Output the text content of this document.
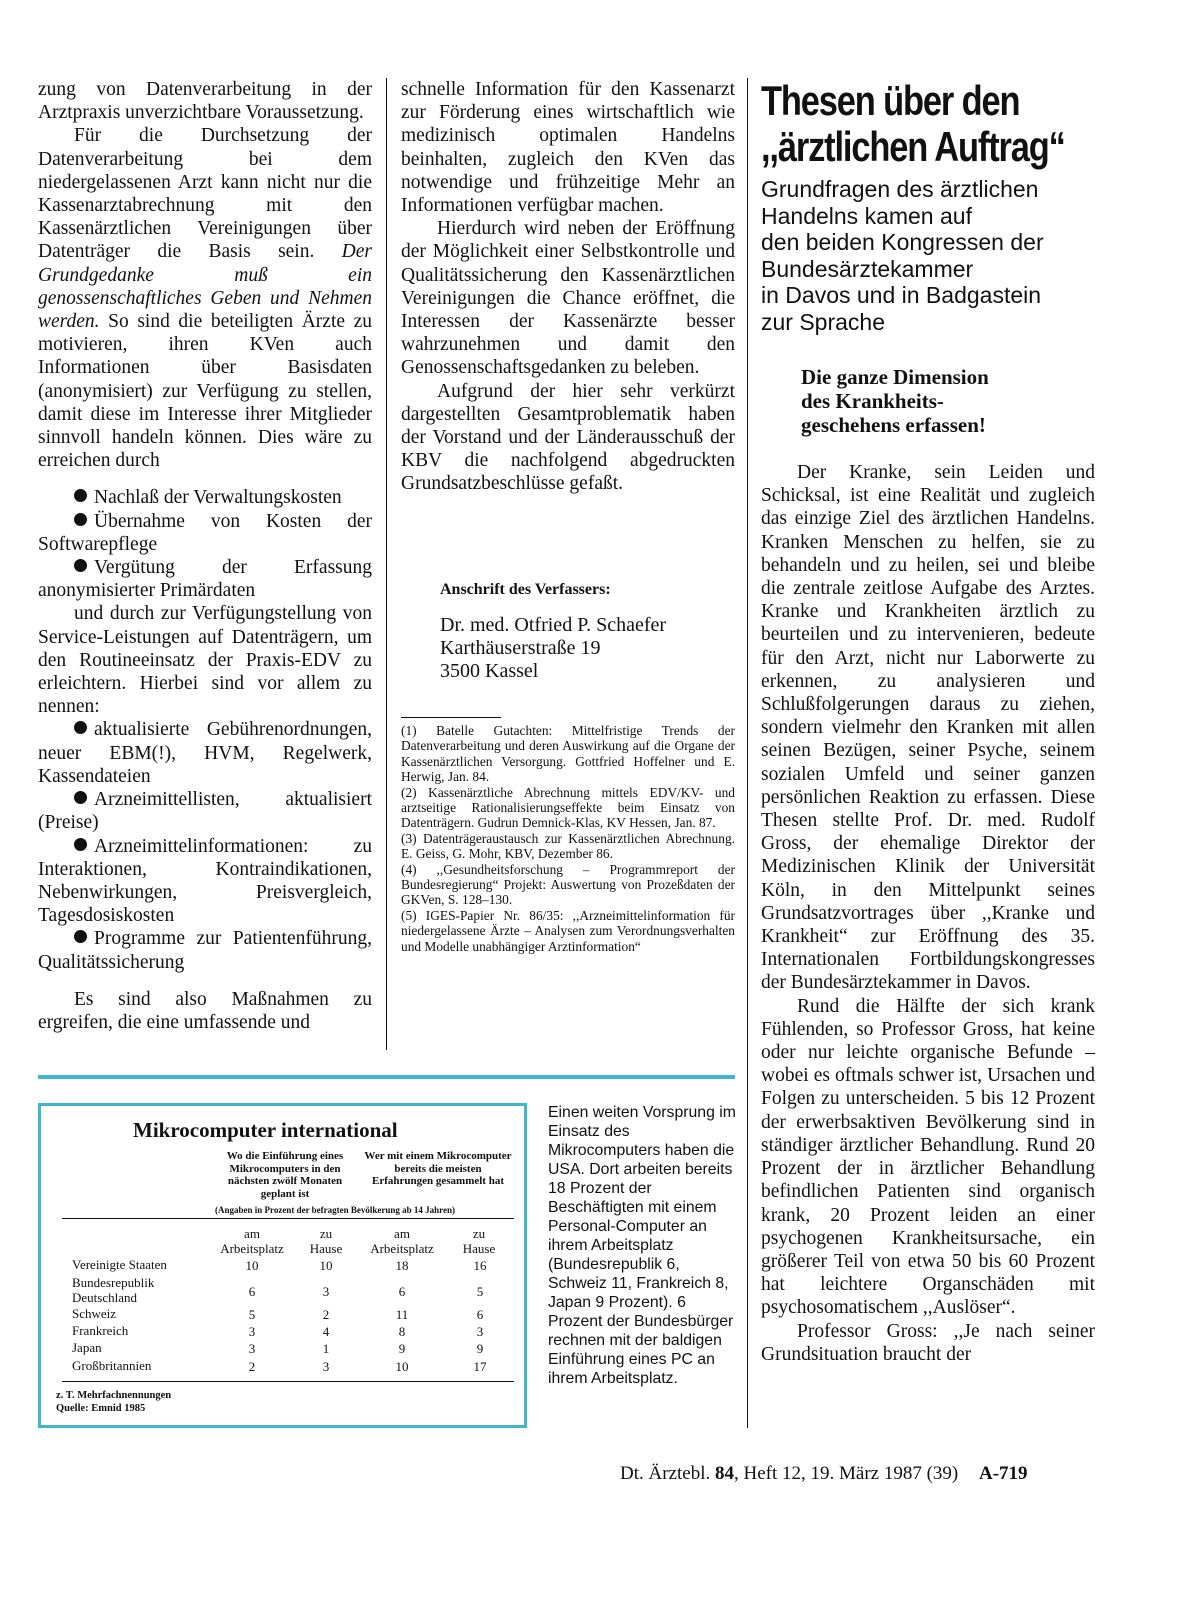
zung von Datenverarbeitung in der Arztpraxis unverzichtbare Voraussetzung.

Für die Durchsetzung der Datenverarbeitung bei dem niedergelassenen Arzt kann nicht nur die Kassenarztabrechnung mit den Kassenärztlichen Vereinigungen über Datenträger die Basis sein. Der Grundgedanke muß ein genossenschaftliches Geben und Nehmen werden. So sind die beteiligten Ärzte zu motivieren, ihren KVen auch Informationen über Basisdaten (anonymisiert) zur Verfügung zu stellen, damit diese im Interesse ihrer Mitglieder sinnvoll handeln können. Dies wäre zu erreichen durch

Nachlaß der Verwaltungskosten

Übernahme von Kosten der Softwarepflege

Vergütung der Erfassung anonymisierter Primärdaten

und durch zur Verfügungstellung von Service-Leistungen auf Datenträgern, um den Routineeinsatz der Praxis-EDV zu erleichtern. Hierbei sind vor allem zu nennen:

aktualisierte Gebührenordnungen, neuer EBM(!), HVM, Regelwerk, Kassendateien

Arzneimittellisten, aktualisiert (Preise)

Arzneimittelinformationen: zu Interaktionen, Kontraindikationen, Nebenwirkungen, Preisvergleich, Tagesdosiskosten

Programme zur Patientenführung, Qualitätssicherung

Es sind also Maßnahmen zu ergreifen, die eine umfassende und

schnelle Information für den Kassenarzt zur Förderung eines wirtschaftlich wie medizinisch optimalen Handelns beinhalten, zugleich den KVen das notwendige und frühzeitige Mehr an Informationen verfügbar machen.

Hierdurch wird neben der Eröffnung der Möglichkeit einer Selbstkontrolle und Qualitätssicherung den Kassenärztlichen Vereinigungen die Chance eröffnet, die Interessen der Kassenärzte besser wahrzunehmen und damit den Genossenschaftsgedanken zu beleben.

Aufgrund der hier sehr verkürzt dargestellten Gesamtproblematik haben der Vorstand und der Länderausschuß der KBV die nachfolgend abgedruckten Grundsatzbeschlüsse gefaßt.

Anschrift des Verfassers:

Dr. med. Otfried P. Schaefer

Karthäuserstraße 19

3500 Kassel

(1) Batelle Gutachten: Mittelfristige Trends der Datenverarbeitung und deren Auswirkung auf die Organe der Kassenärztlichen Versorgung. Gottfried Hoffelner und E. Herwig, Jan. 84.

(2) Kassenärztliche Abrechnung mittels EDV/KV- und arztseitige Rationalisierungseffekte beim Einsatz von Datenträgern. Gudrun Demnick-Klas, KV Hessen, Jan. 87.

(3) Datenträgeraustausch zur Kassenärztlichen Abrechnung. E. Geiss, G. Mohr, KBV, Dezember 86.

(4) ,,Gesundheitsforschung – Programmreport der Bundesregierung“ Projekt: Auswertung von Prozeßdaten der GKVen, S. 128–130.

(5) IGES-Papier Nr. 86/35: ,,Arzneimittelinformation für niedergelassene Ärzte – Analysen zum Verordnungsverhalten und Modelle unabhängiger Arztinformation“

Thesen über den

,,ärztlichen Auftrag“

Grundfragen des ärztlichen

Handelns kamen auf

den beiden Kongressen der

Bundesärztekammer

in Davos und in Badgastein

zur Sprache

Die ganze Dimension

des Krankheits-

geschehens erfassen!

Der Kranke, sein Leiden und Schicksal, ist eine Realität und zugleich das einzige Ziel des ärztlichen Handelns. Kranken Menschen zu helfen, sie zu behandeln und zu heilen, sei und bleibe die zentrale zeitlose Aufgabe des Arztes. Kranke und Krankheiten ärztlich zu beurteilen und zu intervenieren, bedeute für den Arzt, nicht nur Laborwerte zu erkennen, zu analysieren und Schlußfolgerungen daraus zu ziehen, sondern vielmehr den Kranken mit allen seinen Bezügen, seiner Psyche, seinem sozialen Umfeld und seiner ganzen persönlichen Reaktion zu erfassen. Diese Thesen stellte Prof. Dr. med. Rudolf Gross, der ehemalige Direktor der Medizinischen Klinik der Universität Köln, in den Mittelpunkt seines Grundsatzvortrages über ,,Kranke und Krankheit“ zur Eröffnung des 35. Internationalen Fortbildungskongresses der Bundesärztekammer in Davos.

Rund die Hälfte der sich krank Fühlenden, so Professor Gross, hat keine oder nur leichte organische Befunde – wobei es oftmals schwer ist, Ursachen und Folgen zu unterscheiden. 5 bis 12 Prozent der erwerbsaktiven Bevölkerung sind in ständiger ärztlicher Behandlung. Rund 20 Prozent der in ärztlicher Behandlung befindlichen Patienten sind organisch krank, 20 Prozent leiden an einer psychogenen Krankheitsursache, ein größerer Teil von etwa 50 bis 60 Prozent hat leichtere Organschäden mit psychosomatischem ,,Auslöser“.

Professor Gross: ,,Je nach seiner Grundsituation braucht der

Mikrocomputer international
Wo die Einführung eines Mikrocomputers in den nächsten zwölf Monaten geplant ist
Wer mit einem Mikrocomputer bereits die meisten Erfahrungen gesammelt hat
(Angaben in Prozent der befragten Bevölkerung ab 14 Jahren)
am Arbeitsplatz
zu Hause
am Arbeitsplatz
zu Hause
Vereinigte Staaten	10	10	18	16
Bundesrepublik Deutschland	6	3	6	5
Schweiz	5	2	11	6
Frankreich	3	4	8	3
Japan	3	1	9	9
Großbritannien	2	3	10	17
z. T. Mehrfachnennungen
Quelle: Emnid 1985

Einen weiten Vorsprung im Einsatz des Mikrocomputers haben die USA. Dort arbeiten bereits 18 Prozent der Beschäftigten mit einem Personal-Computer an ihrem Arbeitsplatz (Bundesrepublik 6, Schweiz 11, Frankreich 8, Japan 9 Prozent). 6 Prozent der Bundesbürger rechnen mit der baldigen Einführung eines PC an ihrem Arbeitsplatz.

Dt. Ärztebl. 84, Heft 12, 19. März 1987 (39) A-719
